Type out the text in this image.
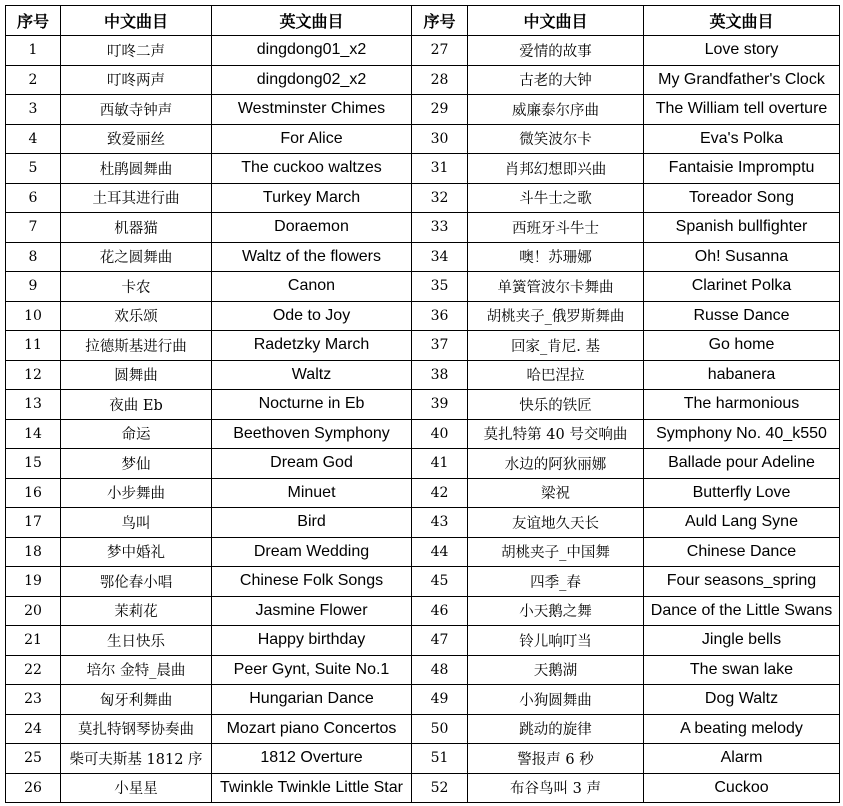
序号	中文曲目	英文曲目	序号	中文曲目	英文曲目
1	叮咚二声	dingdong01_x2	27	爱情的故事	Love story
2	叮咚两声	dingdong02_x2	28	古老的大钟	My Grandfather's Clock
3	西敏寺钟声	Westminster Chimes	29	威廉泰尔序曲	The William tell overture
4	致爱丽丝	For Alice	30	微笑波尔卡	Eva's Polka
5	杜鹃圆舞曲	The cuckoo waltzes	31	肖邦幻想即兴曲	Fantaisie Impromptu
6	土耳其进行曲	Turkey March	32	斗牛士之歌	Toreador Song
7	机器猫	Doraemon	33	西班牙斗牛士	Spanish bullfighter
8	花之圆舞曲	Waltz of the flowers	34	噢！苏珊娜	Oh! Susanna
9	卡农	Canon	35	单簧管波尔卡舞曲	Clarinet Polka
10	欢乐颂	Ode to Joy	36	胡桃夹子_俄罗斯舞曲	Russe Dance
11	拉德斯基进行曲	Radetzky March	37	回家_肯尼. 基	Go home
12	圆舞曲	Waltz	38	哈巴涅拉	habanera
13	夜曲 Eb	Nocturne in Eb	39	快乐的铁匠	The harmonious
14	命运	Beethoven Symphony	40	莫扎特第 40 号交响曲	Symphony No. 40_k550
15	梦仙	Dream God	41	水边的阿狄丽娜	Ballade pour Adeline
16	小步舞曲	Minuet	42	梁祝	Butterfly Love
17	鸟叫	Bird	43	友谊地久天长	Auld Lang Syne
18	梦中婚礼	Dream Wedding	44	胡桃夹子_中国舞	Chinese Dance
19	鄂伦春小唱	Chinese Folk Songs	45	四季_春	Four seasons_spring
20	茉莉花	Jasmine Flower	46	小天鹅之舞	Dance of the Little Swans
21	生日快乐	Happy birthday	47	铃儿响叮当	Jingle bells
22	培尔 金特_晨曲	Peer Gynt, Suite No.1	48	天鹅湖	The swan lake
23	匈牙利舞曲	Hungarian Dance	49	小狗圆舞曲	Dog Waltz
24	莫扎特钢琴协奏曲	Mozart piano Concertos	50	跳动的旋律	A beating melody
25	柴可夫斯基 1812 序	1812 Overture	51	警报声 6 秒	Alarm
26	小星星	Twinkle Twinkle Little Star	52	布谷鸟叫 3 声	Cuckoo
